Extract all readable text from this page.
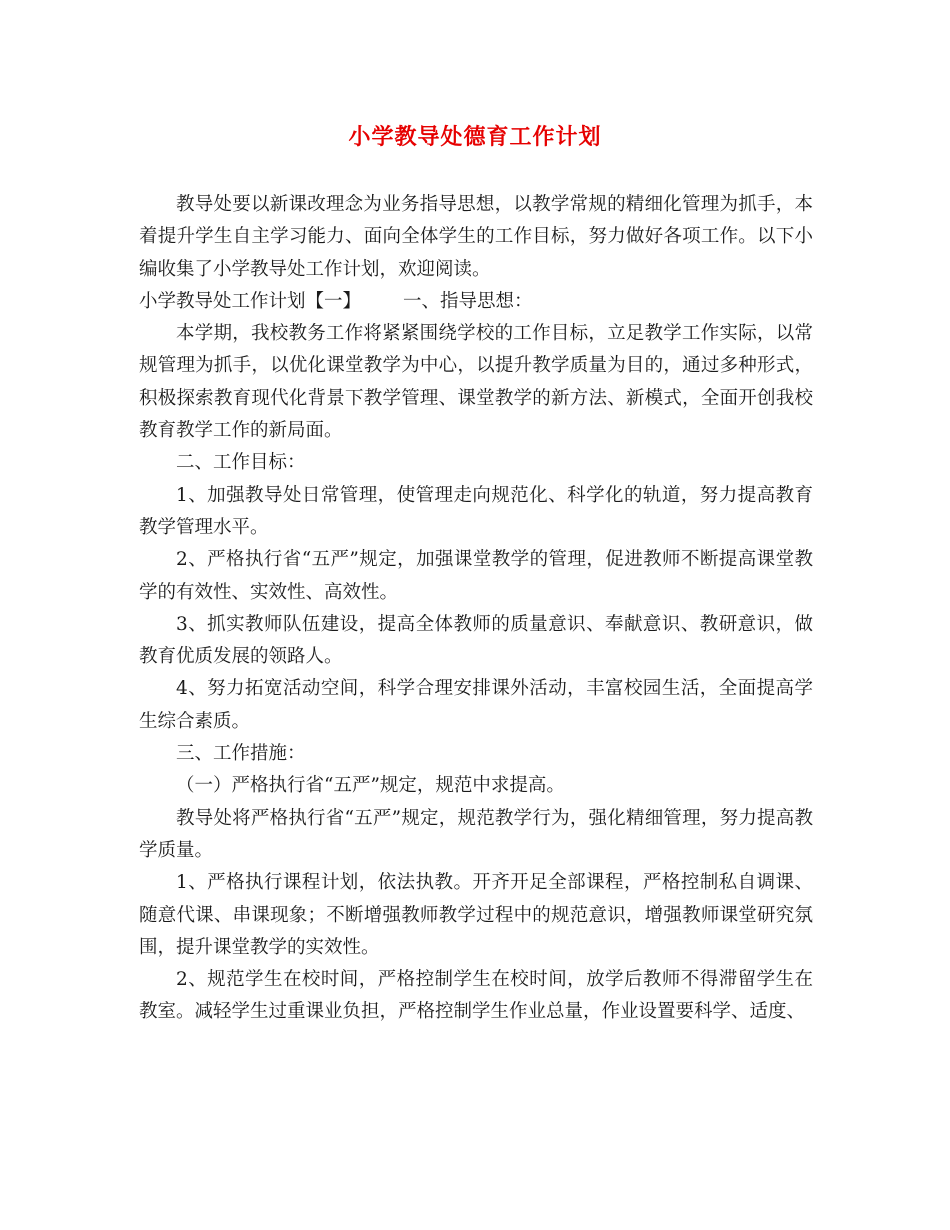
小学教导处德育工作计划

教导处要以新课改理念为业务指导思想，以教学常规的精细化管理为抓手，本着提升学生自主学习能力、面向全体学生的工作目标，努力做好各项工作。以下小编收集了小学教导处工作计划，欢迎阅读。

小学教导处工作计划【一】 一、指导思想：

本学期，我校教务工作将紧紧围绕学校的工作目标，立足教学工作实际，以常规管理为抓手，以优化课堂教学为中心，以提升教学质量为目的，通过多种形式，积极探索教育现代化背景下教学管理、课堂教学的新方法、新模式，全面开创我校教育教学工作的新局面。

二、工作目标：

1、加强教导处日常管理，使管理走向规范化、科学化的轨道，努力提高教育教学管理水平。

2、严格执行省“五严”规定，加强课堂教学的管理，促进教师不断提高课堂教学的有效性、实效性、高效性。

3、抓实教师队伍建设，提高全体教师的质量意识、奉献意识、教研意识，做教育优质发展的领路人。

4、努力拓宽活动空间，科学合理安排课外活动，丰富校园生活，全面提高学生综合素质。

三、工作措施：

（一）严格执行省“五严”规定，规范中求提高。

教导处将严格执行省“五严”规定，规范教学行为，强化精细管理，努力提高教学质量。

1、严格执行课程计划，依法执教。开齐开足全部课程，严格控制私自调课、随意代课、串课现象；不断增强教师教学过程中的规范意识，增强教师课堂研究氛围，提升课堂教学的实效性。

2、规范学生在校时间，严格控制学生在校时间，放学后教师不得滞留学生在教室。减轻学生过重课业负担，严格控制学生作业总量，作业设置要科学、适度、
